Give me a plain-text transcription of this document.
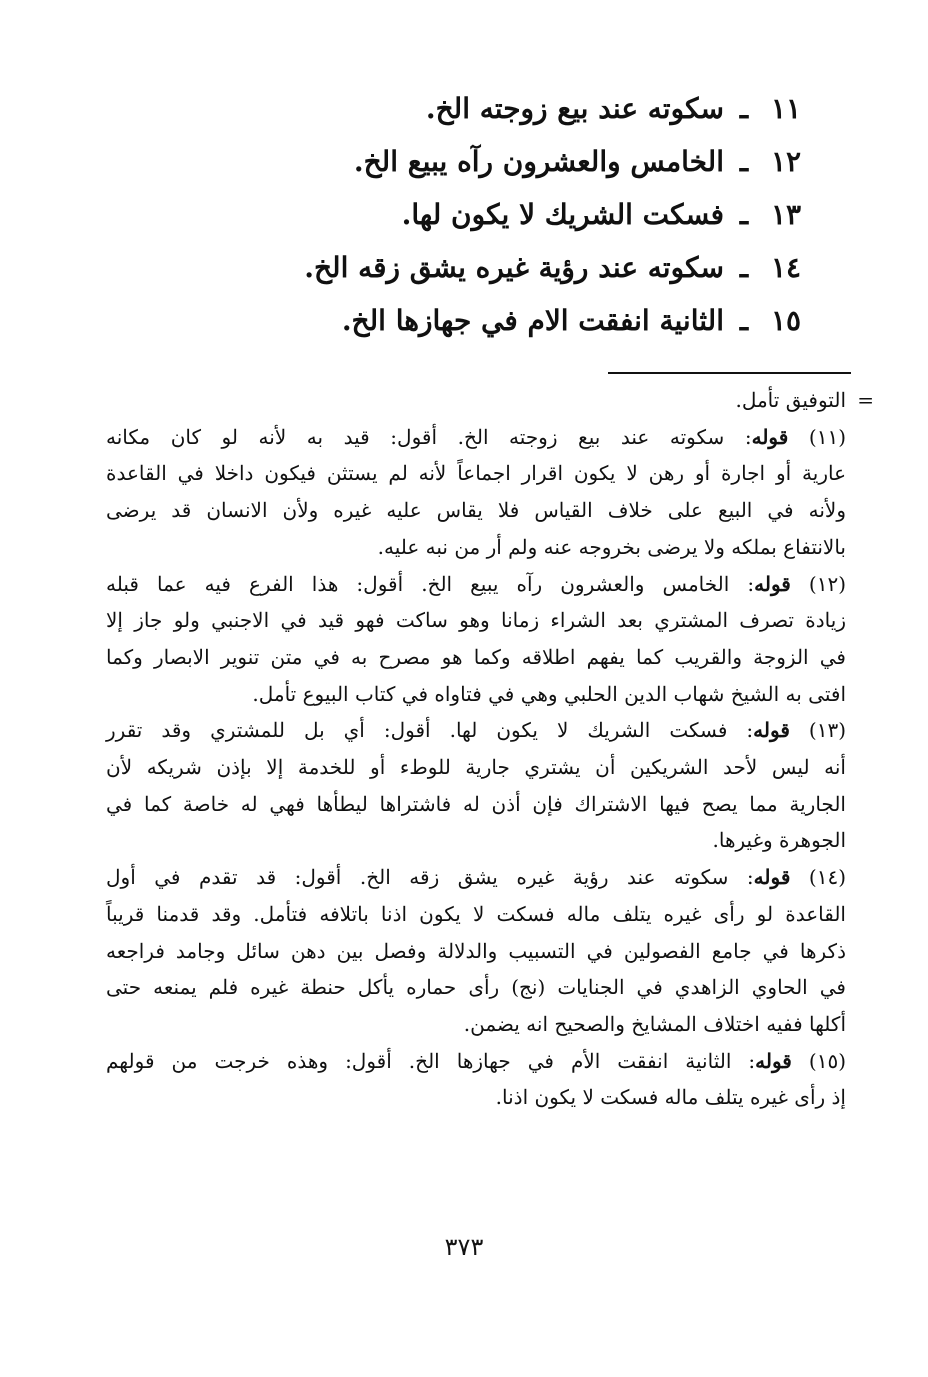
١١
ـ
سكوته عند بيع زوجته الخ.
١٢
ـ
الخامس والعشرون رآه يبيع الخ.
١٣
ـ
فسكت الشريك لا يكون لها.
١٤
ـ
سكوته عند رؤية غيره يشق زقه الخ.
١٥
ـ
الثانية انفقت الام في جهازها الخ.
=
التوفيق تأمل.
(١١) قوله: سكوته عند بيع زوجته الخ. أقول: قيد به لأنه لو كان مكانه
عارية أو اجارة أو رهن لا يكون اقرار اجماعاً لأنه لم يستثن فيكون داخلا في القاعدة
ولأنه في البيع على خلاف القياس فلا يقاس عليه غيره ولأن الانسان قد يرضى
بالانتفاع بملكه ولا يرضى بخروجه عنه ولم أر من نبه عليه.
(١٢) قوله: الخامس والعشرون رآه يبيع الخ. أقول: هذا الفرع فيه عما قبله
زيادة تصرف المشتري بعد الشراء زمانا وهو ساكت فهو قيد في الاجنبي ولو جاز إلا
في الزوجة والقريب كما يفهم اطلاقه وكما هو مصرح به في متن تنوير الابصار وكما
افتى به الشيخ شهاب الدين الحلبي وهي في فتاواه في كتاب البيوع تأمل.
(١٣) قوله: فسكت الشريك لا يكون لها. أقول: أي بل للمشتري وقد تقرر
أنه ليس لأحد الشريكين أن يشتري جارية للوطء أو للخدمة إلا بإذن شريكه لأن
الجارية مما يصح فيها الاشتراك فإن أذن له فاشتراها ليطأها فهي له خاصة كما في
الجوهرة وغيرها.
(١٤) قوله: سكوته عند رؤية غيره يشق زقه الخ. أقول: قد تقدم في أول
القاعدة لو رأى غيره يتلف ماله فسكت لا يكون اذنا باتلافه فتأمل. وقد قدمنا قريباً
ذكرها في جامع الفصولين في التسبيب والدلالة وفصل بين دهن سائل وجامد فراجعه
في الحاوي الزاهدي في الجنايات (نج) رأى حماره يأكل حنطة غيره فلم يمنعه حتى
أكلها ففيه اختلاف المشايخ والصحيح انه يضمن.
(١٥) قوله: الثانية انفقت الأم في جهازها الخ. أقول: وهذه خرجت من قولهم
إذ رأى غيره يتلف ماله فسكت لا يكون اذنا.
٣٧٣
